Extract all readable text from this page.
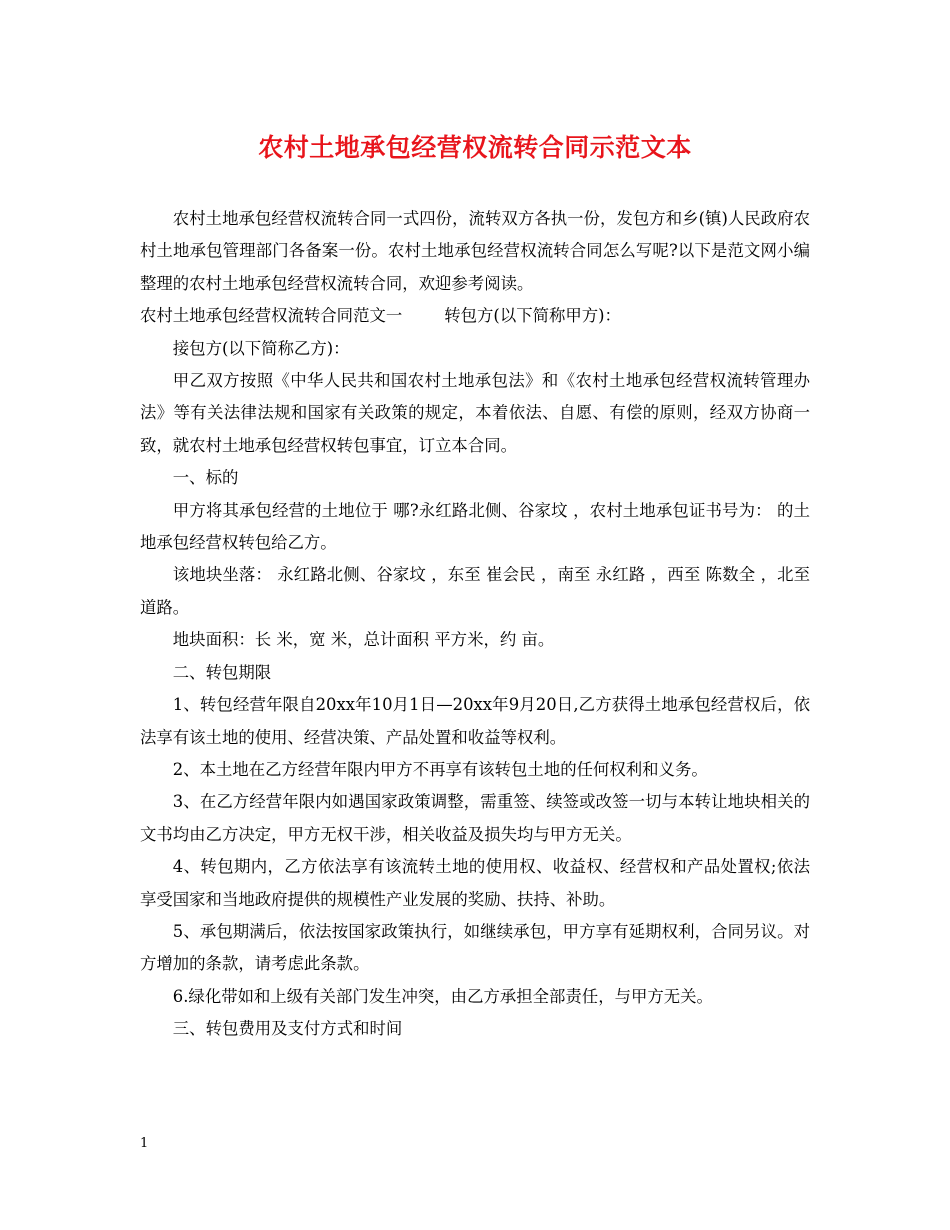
农村土地承包经营权流转合同示范文本

农村土地承包经营权流转合同一式四份，流转双方各执一份，发包方和乡(镇)人民政府农村土地承包管理部门各备案一份。农村土地承包经营权流转合同怎么写呢?以下是范文网小编整理的农村土地承包经营权流转合同，欢迎参考阅读。

农村土地承包经营权流转合同范文一	转包方(以下简称甲方)：

接包方(以下简称乙方)：

甲乙双方按照《中华人民共和国农村土地承包法》和《农村土地承包经营权流转管理办法》等有关法律法规和国家有关政策的规定，本着依法、自愿、有偿的原则，经双方协商一致，就农村土地承包经营权转包事宜，订立本合同。

一、标的

甲方将其承包经营的土地位于 哪?永红路北侧、谷家坟 ，农村土地承包证书号为： 的土地承包经营权转包给乙方。

该地块坐落： 永红路北侧、谷家坟 ，东至 崔会民 ，南至 永红路 ，西至 陈数全 ，北至道路。

地块面积：长 米，宽 米，总计面积 平方米，约 亩。

二、转包期限

1、转包经营年限自20xx年10月1日—20xx年9月20日,乙方获得土地承包经营权后，依法享有该土地的使用、经营决策、产品处置和收益等权利。

2、本土地在乙方经营年限内甲方不再享有该转包土地的任何权利和义务。

3、在乙方经营年限内如遇国家政策调整，需重签、续签或改签一切与本转让地块相关的文书均由乙方决定，甲方无权干涉，相关收益及损失均与甲方无关。

4、转包期内，乙方依法享有该流转土地的使用权、收益权、经营权和产品处置权;依法享受国家和当地政府提供的规模性产业发展的奖励、扶持、补助。

5、承包期满后，依法按国家政策执行，如继续承包，甲方享有延期权利，合同另议。对方增加的条款，请考虑此条款。

6.绿化带如和上级有关部门发生冲突，由乙方承担全部责任，与甲方无关。

三、转包费用及支付方式和时间

1
